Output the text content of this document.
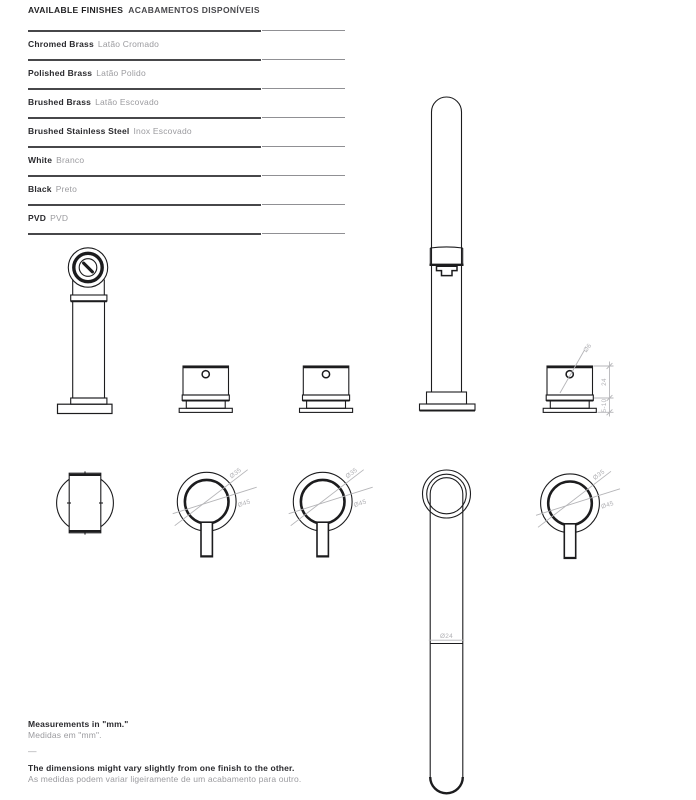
AVAILABLE FINISHES ACABAMENTOS DISPONÍVEIS
Chromed Brass Latão Cromado
Polished Brass Latão Polido
Brushed Brass Latão Escovado
Brushed Stainless Steel Inox Escovado
White Branco
Black Preto
PVD PVD
Ø6
24
5-10
Ø35
Ø45
Ø35
Ø45
Ø24
Ø35
Ø45
Measurements in "mm."
Medidas em "mm".
—
The dimensions might vary slightly from one finish to the other.
As medidas podem variar ligeiramente de um acabamento para outro.
